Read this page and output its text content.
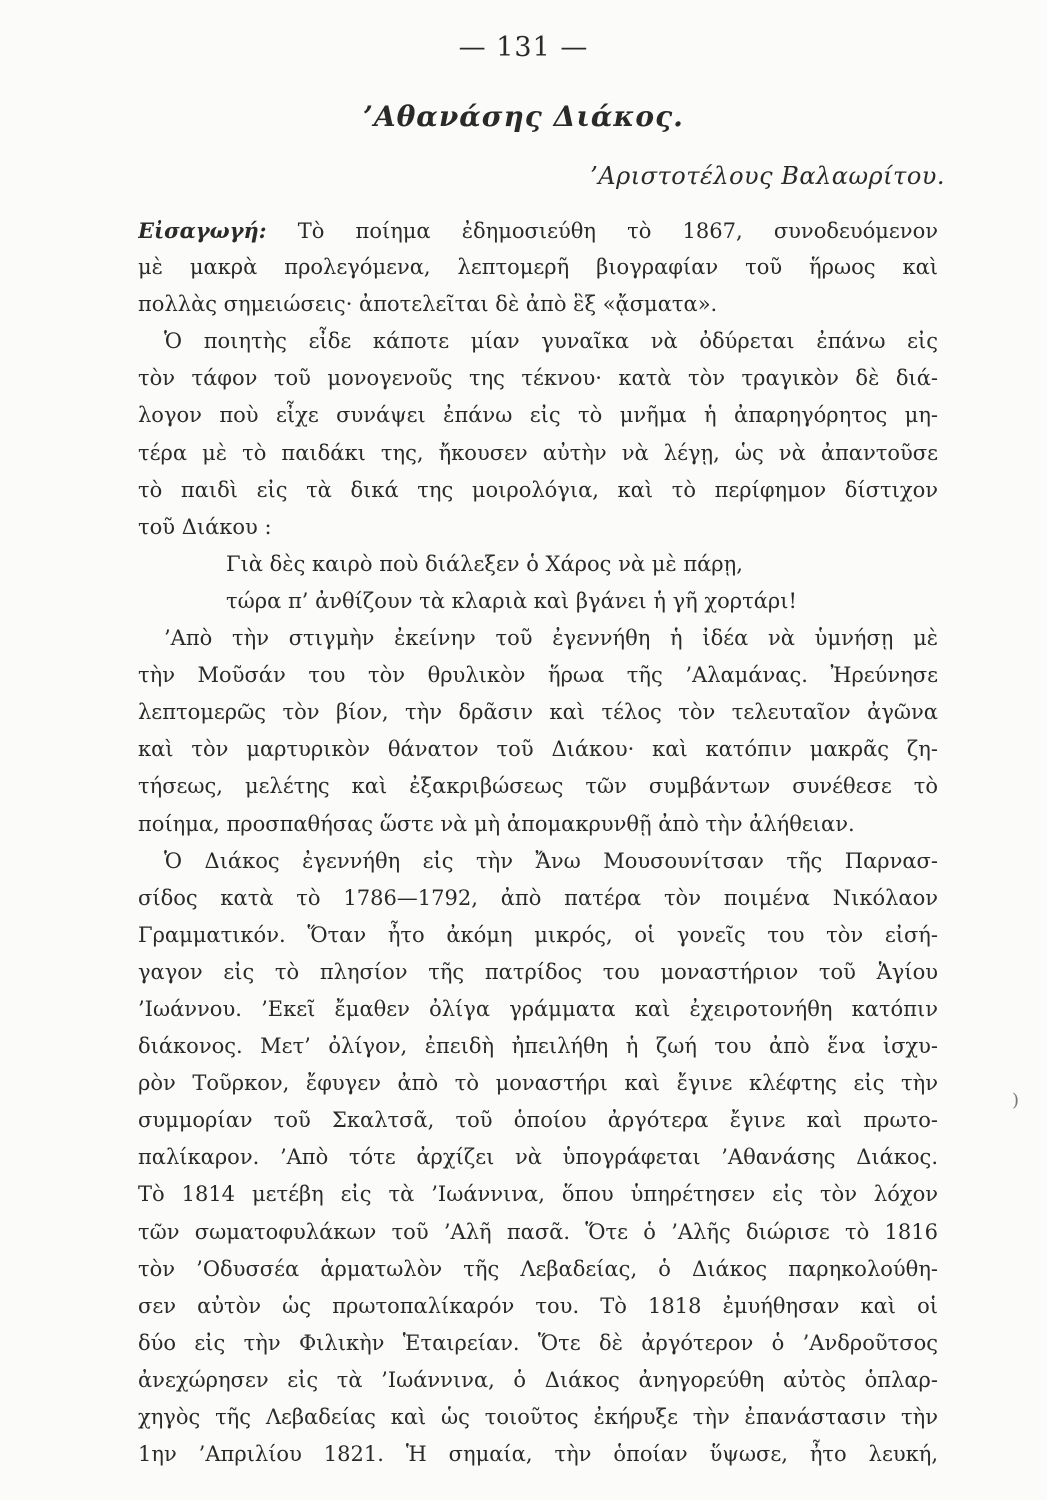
— 131 —
’Αθανάσης Διάκος.
’Αριστοτέλους Βαλαωρίτου.
Εἰσαγωγή: Τὸ ποίημα ἐδημοσιεύθη τὸ 1867, συνοδευόμενον
μὲ μακρὰ προλεγόμενα, λεπτομερῆ βιογραφίαν τοῦ ἥρωος καὶ
πολλὰς σημειώσεις· ἀποτελεῖται δὲ ἀπὸ ἓξ «ᾄσματα».
Ὁ ποιητὴς εἶδε κάποτε μίαν γυναῖκα νὰ ὀδύρεται ἐπάνω εἰς
τὸν τάφον τοῦ μονογενοῦς της τέκνου· κατὰ τὸν τραγικὸν δὲ διά-
λογον ποὺ εἶχε συνάψει ἐπάνω εἰς τὸ μνῆμα ἡ ἀπαρηγόρητος μη-
τέρα μὲ τὸ παιδάκι της, ἤκουσεν αὐτὴν νὰ λέγῃ, ὡς νὰ ἀπαντοῦσε
τὸ παιδὶ εἰς τὰ δικά της μοιρολόγια, καὶ τὸ περίφημον δίστιχον
τοῦ Διάκου :
Γιὰ δὲς καιρὸ ποὺ διάλεξεν ὁ Χάρος νὰ μὲ πάρῃ,
τώρα π’ ἀνθίζουν τὰ κλαριὰ καὶ βγάνει ἡ γῆ χορτάρι!
’Απὸ τὴν στιγμὴν ἐκείνην τοῦ ἐγεννήθη ἡ ἰδέα νὰ ὑμνήσῃ μὲ
τὴν Μοῦσάν του τὸν θρυλικὸν ἥρωα τῆς ’Αλαμάνας. Ἠρεύνησε
λεπτομερῶς τὸν βίον, τὴν δρᾶσιν καὶ τέλος τὸν τελευταῖον ἀγῶνα
καὶ τὸν μαρτυρικὸν θάνατον τοῦ Διάκου· καὶ κατόπιν μακρᾶς ζη-
τήσεως, μελέτης καὶ ἐξακριβώσεως τῶν συμβάντων συνέθεσε τὸ
ποίημα, προσπαθήσας ὥστε νὰ μὴ ἀπομακρυνθῇ ἀπὸ τὴν ἀλήθειαν.
Ὁ Διάκος ἐγεννήθη εἰς τὴν Ἄνω Μουσουνίτσαν τῆς Παρνασ-
σίδος κατὰ τὸ 1786—1792, ἀπὸ πατέρα τὸν ποιμένα Νικόλαον
Γραμματικόν. Ὅταν ἦτο ἀκόμη μικρός, οἱ γονεῖς του τὸν εἰσή-
γαγον εἰς τὸ πλησίον τῆς πατρίδος του μοναστήριον τοῦ Ἁγίου
’Ιωάννου. ’Εκεῖ ἔμαθεν ὀλίγα γράμματα καὶ ἐχειροτονήθη κατόπιν
διάκονος. Μετ’ ὀλίγον, ἐπειδὴ ἠπειλήθη ἡ ζωή του ἀπὸ ἕνα ἰσχυ-
ρὸν Τοῦρκον, ἔφυγεν ἀπὸ τὸ μοναστήρι καὶ ἔγινε κλέφτης εἰς τὴν
συμμορίαν τοῦ Σκαλτσᾶ, τοῦ ὁποίου ἀργότερα ἔγινε καὶ πρωτο-
παλίκαρον. ’Απὸ τότε ἀρχίζει νὰ ὑπογράφεται ’Αθανάσης Διάκος.
Τὸ 1814 μετέβη εἰς τὰ ’Ιωάννινα, ὅπου ὑπηρέτησεν εἰς τὸν λόχον
τῶν σωματοφυλάκων τοῦ ’Αλῆ πασᾶ. Ὅτε ὁ ’Αλῆς διώρισε τὸ 1816
τὸν ’Οδυσσέα ἁρματωλὸν τῆς Λεβαδείας, ὁ Διάκος παρηκολούθη-
σεν αὐτὸν ὡς πρωτοπαλίκαρόν του. Τὸ 1818 ἐμυήθησαν καὶ οἱ
δύο εἰς τὴν Φιλικὴν Ἑταιρείαν. Ὅτε δὲ ἀργότερον ὁ ’Ανδροῦτσος
ἀνεχώρησεν εἰς τὰ ’Ιωάννινα, ὁ Διάκος ἀνηγορεύθη αὐτὸς ὁπλαρ-
χηγὸς τῆς Λεβαδείας καὶ ὡς τοιοῦτος ἐκήρυξε τὴν ἐπανάστασιν τὴν
1ην ’Απριλίου 1821. Ἡ σημαία, τὴν ὁποίαν ὕψωσε, ἦτο λευκή,
)
